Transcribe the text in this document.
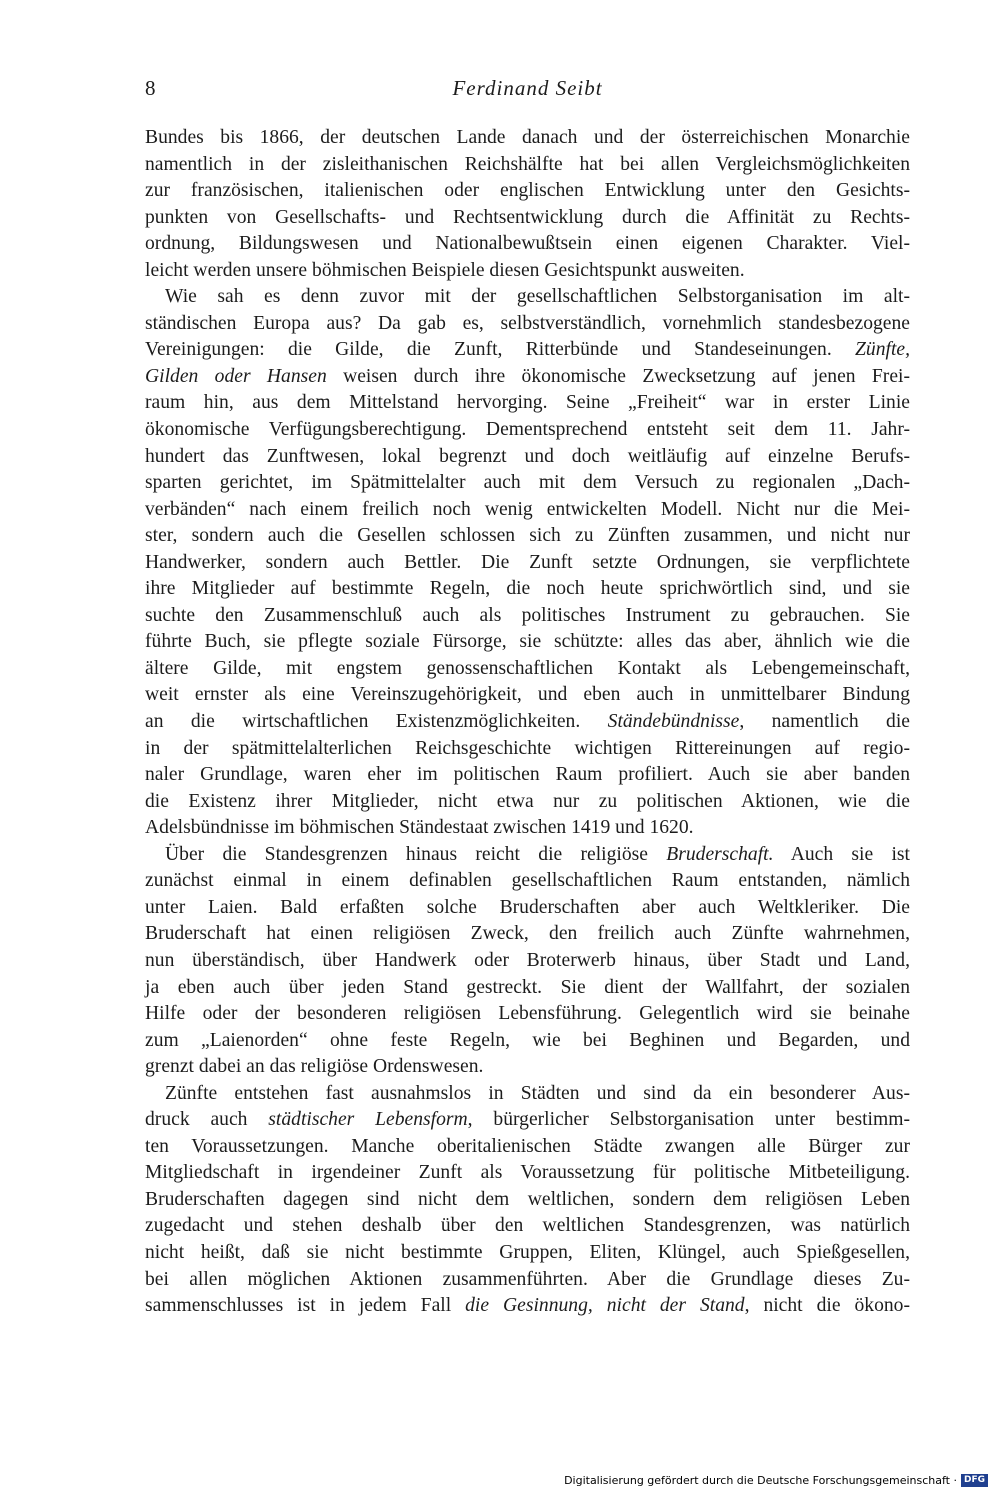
8	Ferdinand Seibt
Bundes bis 1866, der deutschen Lande danach und der österreichischen Monarchie
namentlich in der zisleithanischen Reichshälfte hat bei allen Vergleichsmöglichkeiten
zur französischen, italienischen oder englischen Entwicklung unter den Gesichts-
punkten von Gesellschafts- und Rechtsentwicklung durch die Affinität zu Rechts-
ordnung, Bildungswesen und Nationalbewußtsein einen eigenen Charakter. Viel-
leicht werden unsere böhmischen Beispiele diesen Gesichtspunkt ausweiten.
Wie sah es denn zuvor mit der gesellschaftlichen Selbstorganisation im alt-
ständischen Europa aus? Da gab es, selbstverständlich, vornehmlich standesbezogene
Vereinigungen: die Gilde, die Zunft, Ritterbünde und Standeseinungen. Zünfte,
Gilden oder Hansen weisen durch ihre ökonomische Zwecksetzung auf jenen Frei-
raum hin, aus dem Mittelstand hervorging. Seine „Freiheit“ war in erster Linie
ökonomische Verfügungsberechtigung. Dementsprechend entsteht seit dem 11. Jahr-
hundert das Zunftwesen, lokal begrenzt und doch weitläufig auf einzelne Berufs-
sparten gerichtet, im Spätmittelalter auch mit dem Versuch zu regionalen „Dach-
verbänden“ nach einem freilich noch wenig entwickelten Modell. Nicht nur die Mei-
ster, sondern auch die Gesellen schlossen sich zu Zünften zusammen, und nicht nur
Handwerker, sondern auch Bettler. Die Zunft setzte Ordnungen, sie verpflichtete
ihre Mitglieder auf bestimmte Regeln, die noch heute sprichwörtlich sind, und sie
suchte den Zusammenschluß auch als politisches Instrument zu gebrauchen. Sie
führte Buch, sie pflegte soziale Fürsorge, sie schützte: alles das aber, ähnlich wie die
ältere Gilde, mit engstem genossenschaftlichen Kontakt als Lebengemeinschaft,
weit ernster als eine Vereinszugehörigkeit, und eben auch in unmittelbarer Bindung
an die wirtschaftlichen Existenzmöglichkeiten. Ständebündnisse, namentlich die
in der spätmittelalterlichen Reichsgeschichte wichtigen Rittereinungen auf regio-
naler Grundlage, waren eher im politischen Raum profiliert. Auch sie aber banden
die Existenz ihrer Mitglieder, nicht etwa nur zu politischen Aktionen, wie die
Adelsbündnisse im böhmischen Ständestaat zwischen 1419 und 1620.
Über die Standesgrenzen hinaus reicht die religiöse Bruderschaft. Auch sie ist
zunächst einmal in einem definablen gesellschaftlichen Raum entstanden, nämlich
unter Laien. Bald erfaßten solche Bruderschaften aber auch Weltkleriker. Die
Bruderschaft hat einen religiösen Zweck, den freilich auch Zünfte wahrnehmen,
nun überständisch, über Handwerk oder Broterwerb hinaus, über Stadt und Land,
ja eben auch über jeden Stand gestreckt. Sie dient der Wallfahrt, der sozialen
Hilfe oder der besonderen religiösen Lebensführung. Gelegentlich wird sie beinahe
zum „Laienorden“ ohne feste Regeln, wie bei Beghinen und Begarden, und
grenzt dabei an das religiöse Ordenswesen.
Zünfte entstehen fast ausnahmslos in Städten und sind da ein besonderer Aus-
druck auch städtischer Lebensform, bürgerlicher Selbstorganisation unter bestimm-
ten Voraussetzungen. Manche oberitalienischen Städte zwangen alle Bürger zur
Mitgliedschaft in irgendeiner Zunft als Voraussetzung für politische Mitbeteiligung.
Bruderschaften dagegen sind nicht dem weltlichen, sondern dem religiösen Leben
zugedacht und stehen deshalb über den weltlichen Standesgrenzen, was natürlich
nicht heißt, daß sie nicht bestimmte Gruppen, Eliten, Klüngel, auch Spießgesellen,
bei allen möglichen Aktionen zusammenführten. Aber die Grundlage dieses Zu-
sammenschlusses ist in jedem Fall die Gesinnung, nicht der Stand, nicht die ökono-
Digitalisierung gefördert durch die Deutsche Forschungsgemeinschaft · DFG
